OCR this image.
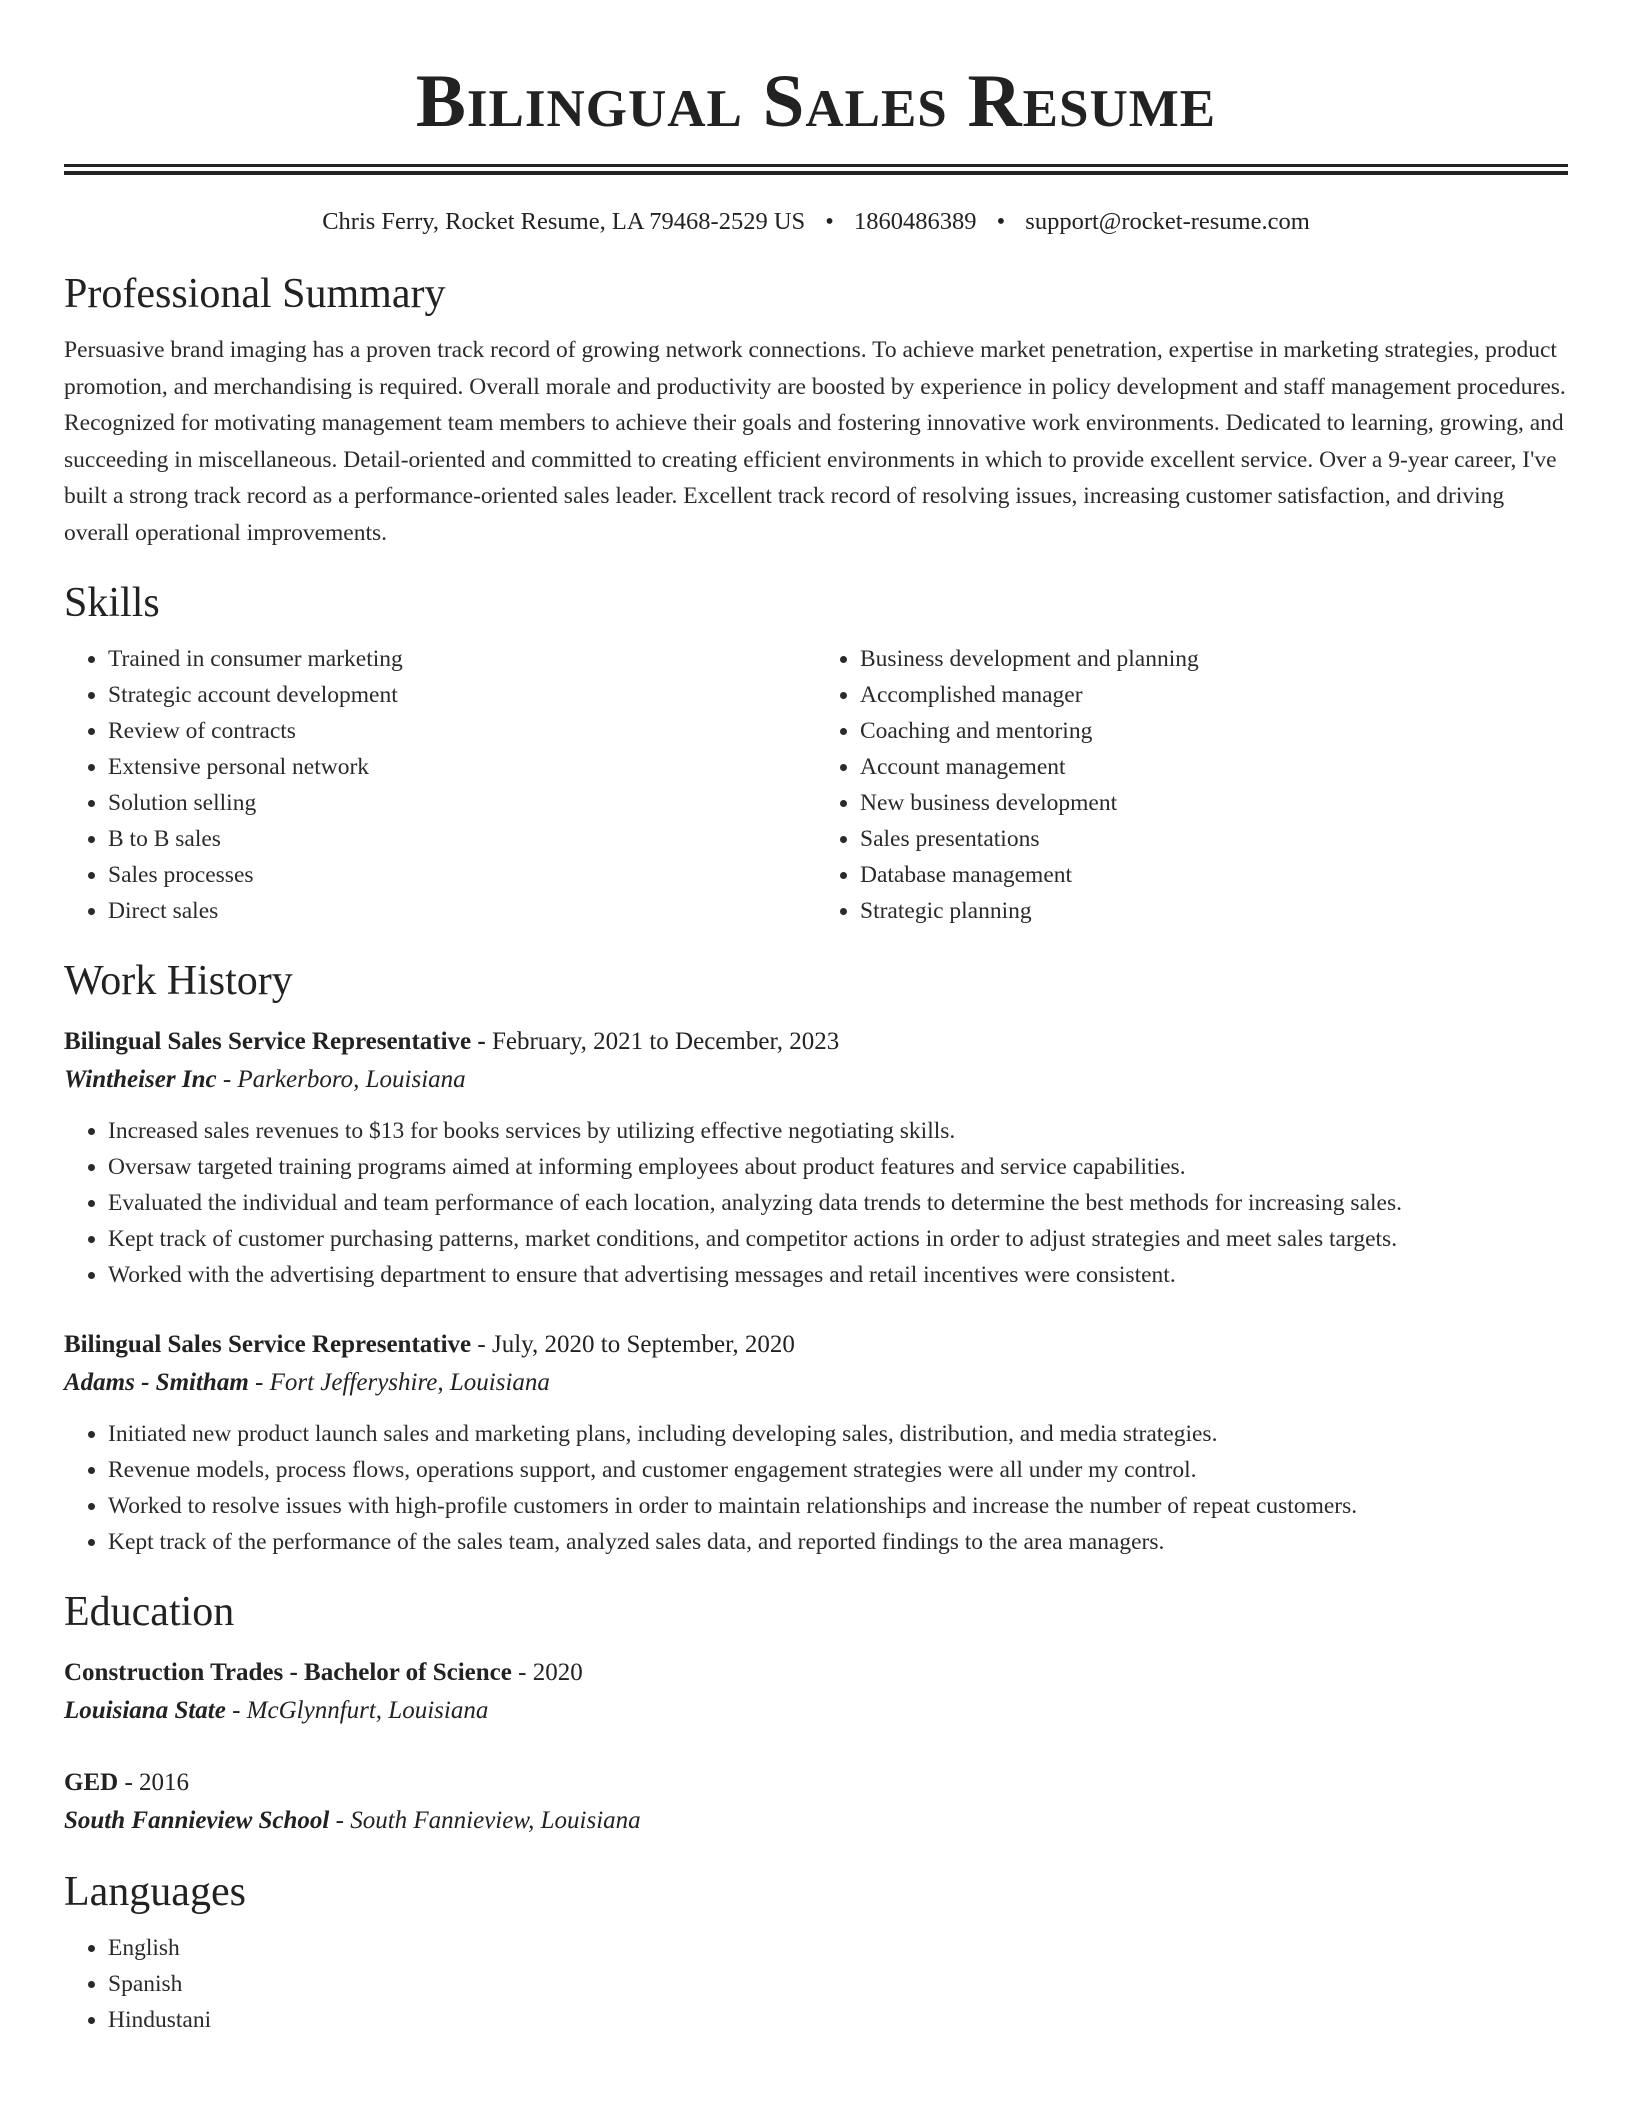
Bilingual Sales Resume
Chris Ferry, Rocket Resume, LA 79468-2529 US • 1860486389 • support@rocket-resume.com
Professional Summary

Persuasive brand imaging has a proven track record of growing network connections. To achieve market penetration, expertise in marketing strategies, product promotion, and merchandising is required. Overall morale and productivity are boosted by experience in policy development and staff management procedures. Recognized for motivating management team members to achieve their goals and fostering innovative work environments. Dedicated to learning, growing, and succeeding in miscellaneous. Detail-oriented and committed to creating efficient environments in which to provide excellent service. Over a 9-year career, I've built a strong track record as a performance-oriented sales leader. Excellent track record of resolving issues, increasing customer satisfaction, and driving overall operational improvements.

Skills
• Trained in consumer marketing
• Strategic account development
• Review of contracts
• Extensive personal network
• Solution selling
• B to B sales
• Sales processes
• Direct sales
• Business development and planning
• Accomplished manager
• Coaching and mentoring
• Account management
• New business development
• Sales presentations
• Database management
• Strategic planning
Work History
Bilingual Sales Service Representative - February, 2021 to December, 2023
Wintheiser Inc - Parkerboro, Louisiana
• Increased sales revenues to $13 for books services by utilizing effective negotiating skills.
• Oversaw targeted training programs aimed at informing employees about product features and service capabilities.
• Evaluated the individual and team performance of each location, analyzing data trends to determine the best methods for increasing sales.
• Kept track of customer purchasing patterns, market conditions, and competitor actions in order to adjust strategies and meet sales targets.
• Worked with the advertising department to ensure that advertising messages and retail incentives were consistent.
Bilingual Sales Service Representative - July, 2020 to September, 2020
Adams - Smitham - Fort Jefferyshire, Louisiana
• Initiated new product launch sales and marketing plans, including developing sales, distribution, and media strategies.
• Revenue models, process flows, operations support, and customer engagement strategies were all under my control.
• Worked to resolve issues with high-profile customers in order to maintain relationships and increase the number of repeat customers.
• Kept track of the performance of the sales team, analyzed sales data, and reported findings to the area managers.
Education
Construction Trades - Bachelor of Science - 2020
Louisiana State - McGlynnfurt, Louisiana
GED - 2016
South Fannieview School - South Fannieview, Louisiana
Languages
• English
• Spanish
• Hindustani
